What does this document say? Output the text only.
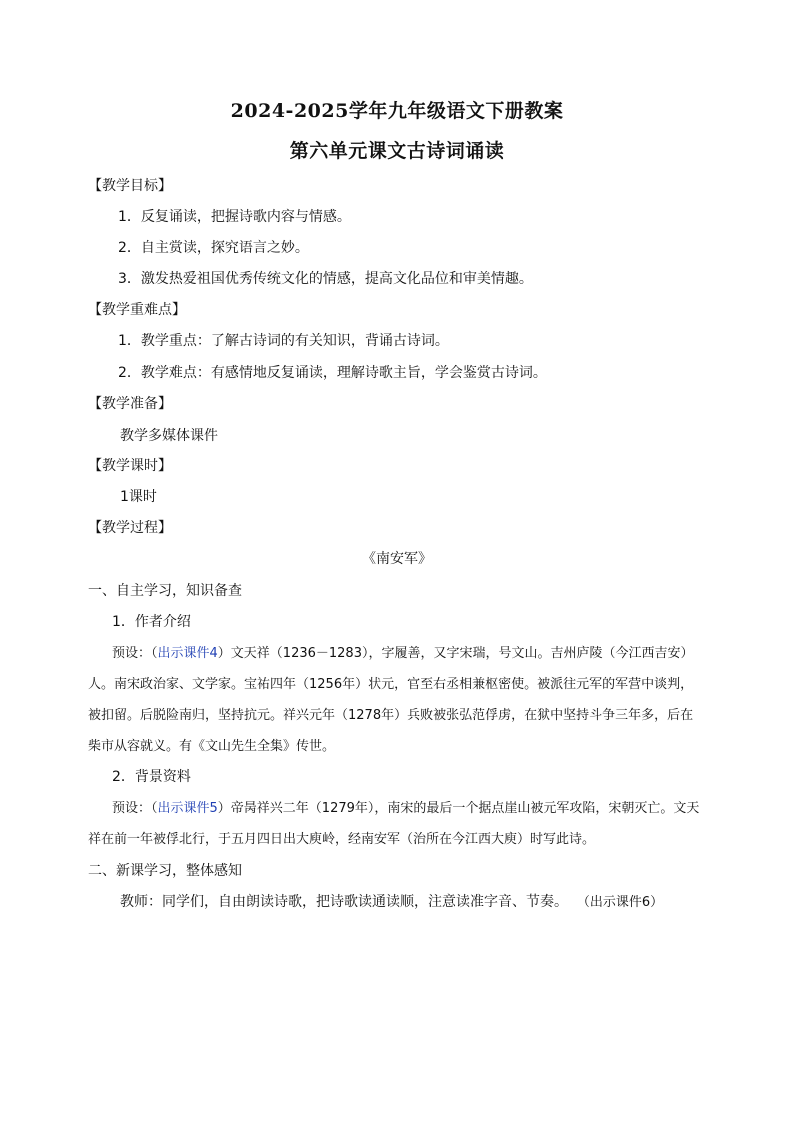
2024-2025学年九年级语文下册教案
第六单元课文古诗词诵读
【教学目标】
1．反复诵读，把握诗歌内容与情感。
2．自主赏读，探究语言之妙。
3．激发热爱祖国优秀传统文化的情感，提高文化品位和审美情趣。
【教学重难点】
1．教学重点：了解古诗词的有关知识，背诵古诗词。
2．教学难点：有感情地反复诵读，理解诗歌主旨，学会鉴赏古诗词。
【教学准备】
教学多媒体课件
【教学课时】
1课时
【教学过程】
《南安军》
一、自主学习，知识备查
1．作者介绍
预设：（出示课件4）文天祥（1236－1283），字履善，又字宋瑞，号文山。吉州庐陵（今江西吉安）人。南宋政治家、文学家。宝祐四年（1256年）状元，官至右丞相兼枢密使。被派往元军的军营中谈判，被扣留。后脱险南归，坚持抗元。祥兴元年（1278年）兵败被张弘范俘虏，在狱中坚持斗争三年多，后在柴市从容就义。有《文山先生全集》传世。
2．背景资料
预设：（出示课件5）帝昺祥兴二年（1279年），南宋的最后一个据点崖山被元军攻陷，宋朝灭亡。文天祥在前一年被俘北行，于五月四日出大庾岭，经南安军（治所在今江西大庾）时写此诗。
二、新课学习，整体感知
教师：同学们，自由朗读诗歌，把诗歌读通读顺，注意读准字音、节奏。 （出示课件6）
